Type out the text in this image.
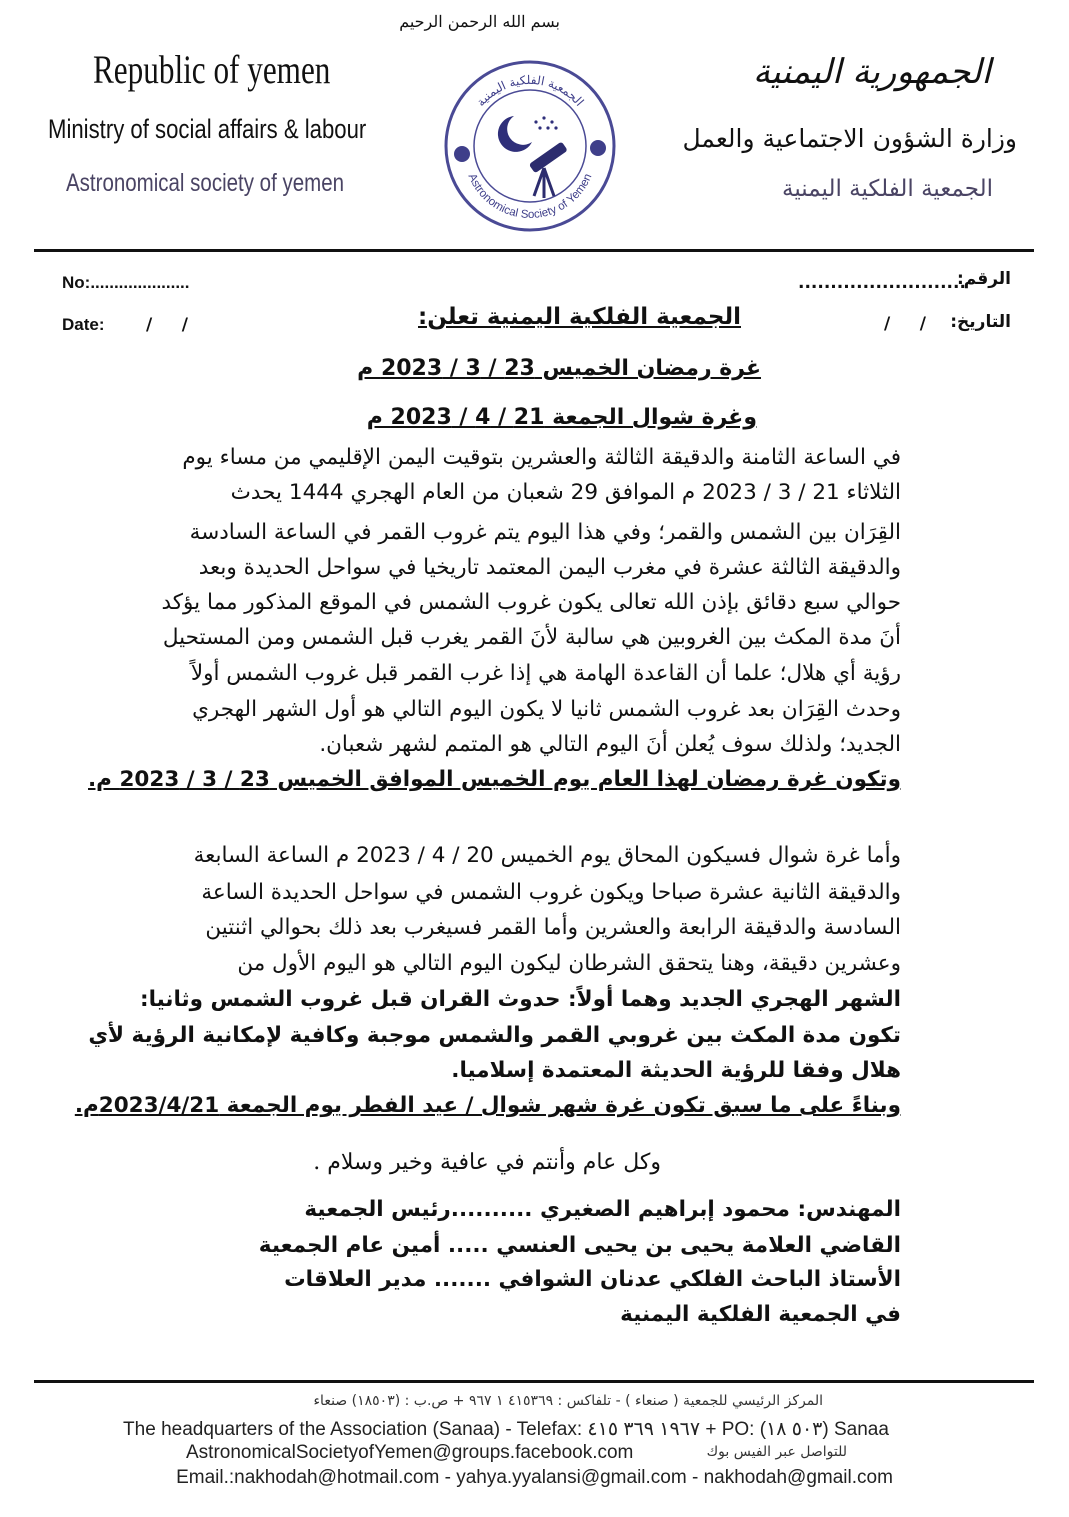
Republic of yemen
Ministry of social affairs & labour
Astronomical society of yemen
بسم الله الرحمن الرحيم
الجمعية الفلكية اليمنية
Astronomical Society of Yemen
الجمهورية اليمنية
وزارة الشؤون الاجتماعية والعمل
الجمعية الفلكية اليمنية
No:.....................
Date: /     /
الرقم:
..........................
التاريخ:
/     /
الجمعية الفلكية اليمنية تعلن:
غرة رمضان الخميس 23 / 3 / 2023 م
وغرة شوال الجمعة 21 / 4 / 2023 م
في الساعة الثامنة والدقيقة الثالثة والعشرين بتوقيت اليمن الإقليمي من مساء يوم
الثلاثاء 21 / 3 / 2023 م الموافق 29 شعبان من العام الهجري 1444 يحدث
القِرَان بين الشمس والقمر؛ وفي هذا اليوم يتم غروب القمر في الساعة السادسة
والدقيقة الثالثة عشرة في مغرب اليمن المعتمد تاريخيا في سواحل الحديدة وبعد
حوالي سبع دقائق بإذن الله تعالى يكون غروب الشمس في الموقع المذكور مما يؤكد
أنَ مدة المكث بين الغروبين هي سالبة لأنَ القمر يغرب قبل الشمس ومن المستحيل
رؤية أي هلال؛ علما أن القاعدة الهامة هي إذا غرب القمر قبل غروب الشمس أولاً
وحدث القِرَان بعد غروب الشمس ثانيا لا يكون اليوم التالي هو أول الشهر الهجري
الجديد؛ ولذلك سوف يُعلن أنَ اليوم التالي هو المتمم لشهر شعبان.
وتكون غرة رمضان لهذا العام يوم الخميس الموافق الخميس 23 / 3 / 2023 م.
وأما غرة شوال فسيكون المحاق يوم الخميس 20 / 4 / 2023 م الساعة السابعة
والدقيقة الثانية عشرة صباحا ويكون غروب الشمس في سواحل الحديدة الساعة
السادسة والدقيقة الرابعة والعشرين وأما القمر فسيغرب بعد ذلك بحوالي اثنتين
وعشرين دقيقة، وهنا يتحقق الشرطان ليكون اليوم التالي هو اليوم الأول من
الشهر الهجري الجديد وهما أولاً: حدوث القران قبل غروب الشمس وثانيا:
تكون مدة المكث بين غروبي القمر والشمس موجبة وكافية لإمكانية الرؤية لأي
هلال وفقا للرؤية الحديثة المعتمدة إسلاميا.
وبناءً على ما سبق تكون غرة شهر شوال / عيد الفطر يوم الجمعة 2023/4/21م.
وكل عام وأنتم في عافية وخير وسلام .
المهندس: محمود إبراهيم الصغيري ..........رئيس الجمعية
القاضي العلامة يحيى بن يحيى العنسي ..... أمين عام الجمعية
الأستاذ الباحث الفلكي عدنان الشوافي ....... مدير العلاقات
في الجمعية الفلكية اليمنية
المركز الرئيسي للجمعية ( صنعاء ) - تلفاكس : ٤١٥٣٦٩ ١ ٩٦٧ + ص.ب : (١٨٥٠٣) صنعاء
The headquarters of the Association (Sanaa) - Telefax: ١٩٦٧ ٣٦٩ ٤١٥ + PO: (٥٠٣ ١٨) Sanaa
AstronomicalSocietyofYemen@groups.facebook.com	للتواصل عبر الفيس بوك
Email.:nakhodah@hotmail.com - yahya.yyalansi@gmail.com - nakhodah@gmail.com
